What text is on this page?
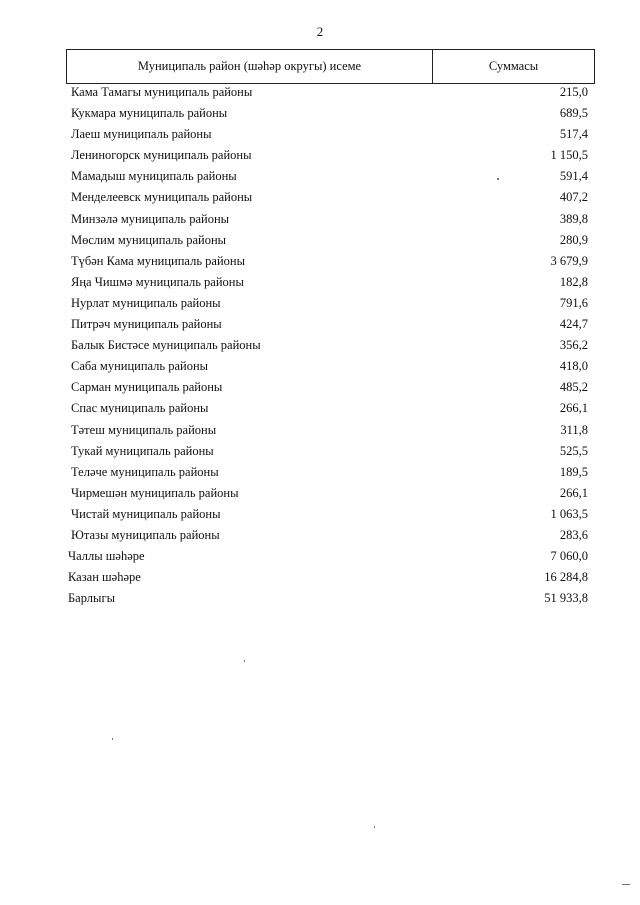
2
Муниципаль район (шәһәр округы) исеме	Суммасы
Кама Тамагы муниципаль районы	215,0
Кукмара муниципаль районы	689,5
Лаеш муниципаль районы	517,4
Лениногорск муниципаль районы	1 150,5
Мамадыш муниципаль районы	591,4
Менделеевск муниципаль районы	407,2
Минзәлә муниципаль районы	389,8
Мөслим муниципаль районы	280,9
Түбән Кама муниципаль районы	3 679,9
Яңа Чишмә муниципаль районы	182,8
Нурлат муниципаль районы	791,6
Питрәч муниципаль районы	424,7
Балык Бистәсе муниципаль районы	356,2
Саба муниципаль районы	418,0
Сарман муниципаль районы	485,2
Спас муниципаль районы	266,1
Тәтеш муниципаль районы	311,8
Тукай муниципаль районы	525,5
Теләче муниципаль районы	189,5
Чирмешән муниципаль районы	266,1
Чистай муниципаль районы	1 063,5
Ютазы муниципаль районы	283,6
Чаллы шәһәре	7 060,0
Казан шәһәре	16 284,8
Барлыгы	51 933,8
